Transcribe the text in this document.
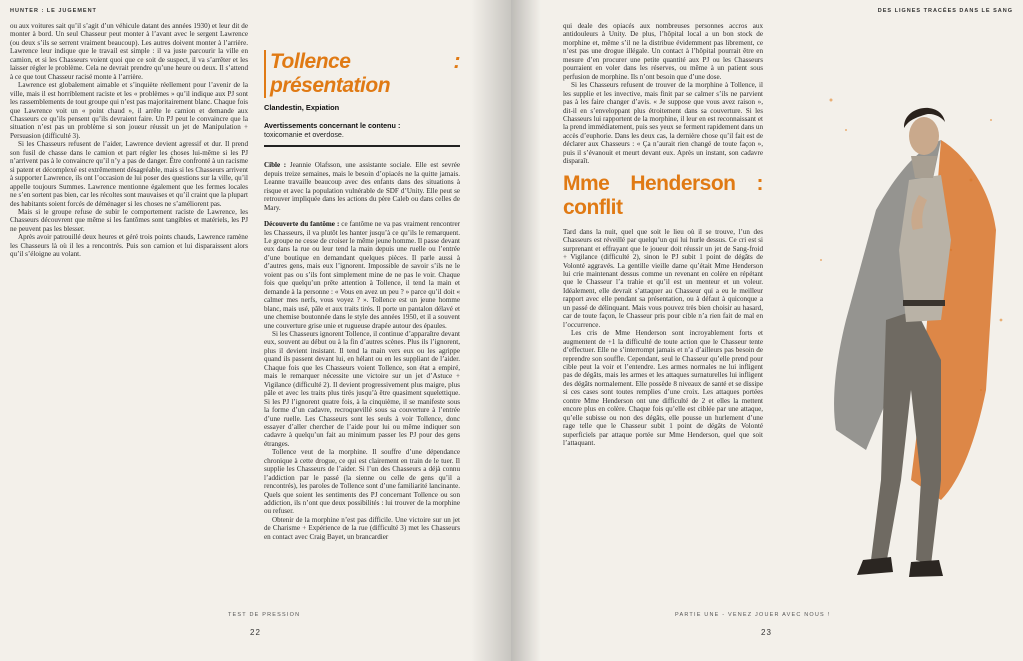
HUNTER : LE JUGEMENT

ou aux voitures sait qu’il s’agit d’un véhicule datant des années 1930) et leur dit de monter à bord. Un seul Chasseur peut monter à l’avant avec le sergent Lawrence (ou deux s’ils se serrent vraiment beaucoup). Les autres doivent monter à l’arrière. Lawrence leur indique que le travail est simple : il va juste parcourir la ville en camion, et si les Chasseurs voient quoi que ce soit de suspect, il va s’arrêter et les laisser régler le problème. Cela ne devrait prendre qu’une heure ou deux. Il s’attend à ce que tout Chasseur racisé monte à l’arrière.

Lawrence est globalement aimable et s’inquiète réellement pour l’avenir de la ville, mais il est horriblement raciste et les « problèmes » qu’il indique aux PJ sont les rassemblements de tout groupe qui n’est pas majoritairement blanc. Chaque fois que Lawrence voit un « point chaud », il arrête le camion et demande aux Chasseurs ce qu’ils pensent qu’ils devraient faire. Un PJ peut le convaincre que la situation n’est pas un problème si son joueur réussit un jet de Manipulation + Persuasion (difficulté 3).

Si les Chasseurs refusent de l’aider, Lawrence devient agressif et dur. Il prend son fusil de chasse dans le camion et part régler les choses lui-même si les PJ n’arrivent pas à le convaincre qu’il n’y a pas de danger. Être confronté à un racisme si patent et décomplexé est extrêmement désagréable, mais si les Chasseurs arrivent à supporter Lawrence, ils ont l’occasion de lui poser des questions sur la ville, qu’il appelle toujours Summes. Lawrence mentionne également que les fermes locales ne s’en sortent pas bien, car les récoltes sont mauvaises et qu’il craint que la plupart des habitants soient forcés de déménager si les choses ne s’améliorent pas.

Mais si le groupe refuse de subir le comportement raciste de Lawrence, les Chasseurs découvrent que même si les fantômes sont tangibles et matériels, les PJ ne peuvent pas les blesser.

Après avoir patrouillé deux heures et géré trois points chauds, Lawrence ramène les Chasseurs là où il les a rencontrés. Puis son camion et lui disparaissent alors qu’il s’éloigne au volant.

Tollence : présentation
Clandestin, Expiation
Avertissements concernant le contenu :
toxicomanie et overdose.

Cible : Jeannie Olafsson, une assistante sociale. Elle est sevrée depuis treize semaines, mais le besoin d’opiacés ne la quitte jamais. Leanne travaille beaucoup avec des enfants dans des situations à risque et avec la population vulnérable de SDF d’Unity. Elle peut se retrouver impliquée dans les actions du père Caleb ou dans celles de Mary.

Découverte du fantôme : ce fantôme ne va pas vraiment rencontrer les Chasseurs, il va plutôt les hanter jusqu’à ce qu’ils le remarquent. Le groupe ne cesse de croiser le même jeune homme. Il passe devant eux dans la rue ou leur tend la main depuis une ruelle ou l’entrée d’une boutique en demandant quelques pièces. Il parle aussi à d’autres gens, mais eux l’ignorent. Impossible de savoir s’ils ne le voient pas ou s’ils font simplement mine de ne pas le voir. Chaque fois que quelqu’un prête attention à Tollence, il tend la main et demande à la personne : « Vous en avez un peu ? » parce qu’il doit « calmer mes nerfs, vous voyez ? ». Tollence est un jeune homme blanc, mais usé, pâle et aux traits tirés. Il porte un pantalon délavé et une chemise boutonnée dans le style des années 1950, et il a souvent une couverture grise unie et rugueuse drapée autour des épaules.

Si les Chasseurs ignorent Tollence, il continue d’apparaître devant eux, souvent au début ou à la fin d’autres scènes. Plus ils l’ignorent, plus il devient insistant. Il tend la main vers eux ou les agrippe quand ils passent devant lui, en hélant ou en les suppliant de l’aider. Chaque fois que les Chasseurs voient Tollence, son état a empiré, mais le remarquer nécessite une victoire sur un jet d’Astuce + Vigilance (difficulté 2). Il devient progressivement plus maigre, plus pâle et avec les traits plus tirés jusqu’à être quasiment squelettique. Si les PJ l’ignorent quatre fois, à la cinquième, il se manifeste sous la forme d’un cadavre, recroquevillé sous sa couverture à l’entrée d’une ruelle. Les Chasseurs sont les seuls à voir Tollence, donc essayer d’aller chercher de l’aide pour lui ou même indiquer son cadavre à quelqu’un fait au minimum passer les PJ pour des gens étranges.

Tollence veut de la morphine. Il souffre d’une dépendance chronique à cette drogue, ce qui est clairement en train de le tuer. Il supplie les Chasseurs de l’aider. Si l’un des Chasseurs a déjà connu l’addiction par le passé (la sienne ou celle de gens qu’il a rencontrés), les paroles de Tollence sont d’une familiarité lancinante. Quels que soient les sentiments des PJ concernant Tollence ou son addiction, ils n’ont que deux possibilités : lui trouver de la morphine ou refuser.

Obtenir de la morphine n’est pas difficile. Une victoire sur un jet de Charisme + Expérience de la rue (difficulté 3) met les Chasseurs en contact avec Craig Bayet, un brancardier

TEST DE PRESSION
22
DES LIGNES TRACÉES DANS LE SANG

qui deale des opiacés aux nombreuses personnes accros aux antidouleurs à Unity. De plus, l’hôpital local a un bon stock de morphine et, même s’il ne la distribue évidemment pas librement, ce n’est pas une drogue illégale. Un contact à l’hôpital pourrait être en mesure d’en procurer une petite quantité aux PJ ou les Chasseurs pourraient en voler dans les réserves, ou même à un patient sous perfusion de morphine. Ils n’ont besoin que d’une dose.

Si les Chasseurs refusent de trouver de la morphine à Tollence, il les supplie et les invective, mais finit par se calmer s’ils ne parvient pas à les faire changer d’avis. « Je suppose que vous avez raison », dit-il en s’enveloppant plus étroitement dans sa couverture. Si les Chasseurs lui rapportent de la morphine, il leur en est reconnaissant et la prend immédiatement, puis ses yeux se ferment rapidement dans un accès d’euphorie. Dans les deux cas, la dernière chose qu’il fait est de déclarer aux Chasseurs : « Ça n’aurait rien changé de toute façon », puis il s’évanouit et meurt devant eux. Après un instant, son cadavre disparaît.

Mme Henderson : conflit

Tard dans la nuit, quel que soit le lieu où il se trouve, l’un des Chasseurs est réveillé par quelqu’un qui lui hurle dessus. Ce cri est si surprenant et effrayant que le joueur doit réussir un jet de Sang-froid + Vigilance (difficulté 2), sinon le PJ subit 1 point de dégâts de Volonté aggravés. La gentille vieille dame qu’était Mme Henderson lui crie maintenant dessus comme un revenant en colère en répétant que le Chasseur l’a trahie et qu’il est un menteur et un voleur. Idéalement, elle devrait s’attaquer au Chasseur qui a eu le meilleur rapport avec elle pendant sa présentation, ou à défaut à quiconque a un passé de délinquant. Mais vous pouvez très bien choisir au hasard, car de toute façon, le Chasseur pris pour cible n’a rien fait de mal en l’occurrence.

Les cris de Mme Henderson sont incroyablement forts et augmentent de +1 la difficulté de toute action que le Chasseur tente d’effectuer. Elle ne s’interrompt jamais et n’a d’ailleurs pas besoin de reprendre son souffle. Cependant, seul le Chasseur qu’elle prend pour cible peut la voir et l’entendre. Les armes normales ne lui infligent pas de dégâts, mais les armes et les attaques surnaturelles lui infligent des dégâts normalement. Elle possède 8 niveaux de santé et se dissipe si ces cases sont toutes remplies d’une croix. Les attaques portées contre Mme Henderson ont une difficulté de 2 et elles la mettent encore plus en colère. Chaque fois qu’elle est ciblée par une attaque, qu’elle subisse ou non des dégâts, elle pousse un hurlement d’une rage telle que le Chasseur subit 1 point de dégâts de Volonté superficiels par attaque portée sur Mme Henderson, quel que soit l’attaquant.

PARTIE UNE - VENEZ JOUER AVEC NOUS !
23
